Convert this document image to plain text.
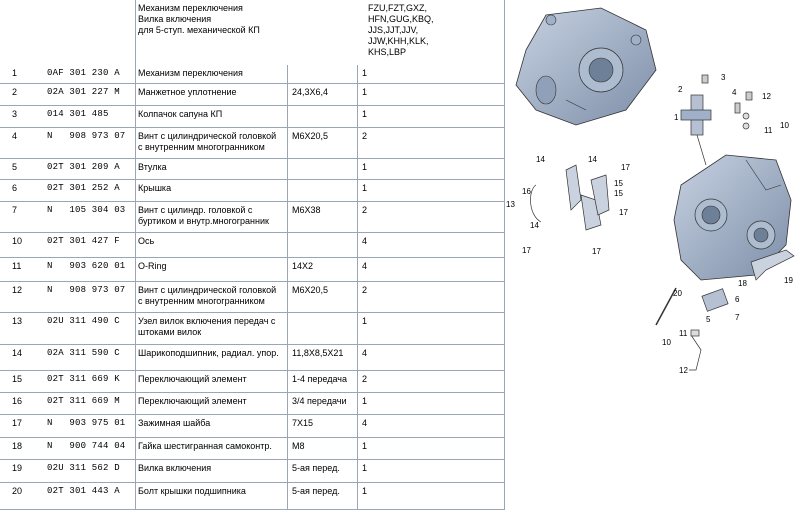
Механизм переключения
Вилка включения
для 5-ступ. механической КП
FZU,FZT,GXZ,
HFN,GUG,KBQ,
JJS,JJT,JJV,
JJW,KHH,KLK,
KHS,LBP
1	0AF 301 230 A Механизм переключения	1
2	02A 301 227 M Манжетное уплотнение	24,3X6,4	1
3	014 301 485	Колпачок сапуна КП	1
4	N   908 973 07 Винт с цилиндрической головкой
с внутренним многогранником
M6X20,5	2
5	02T 301 209 A Втулка	1
6	02T 301 252 A Крышка	1
7	N   105 304 03 Винт с цилиндр. головкой с
буртиком и внутр.многогранник
M6X38	2
10	02T 301 427 F Ось	4
11	N   903 620 01 O-Ring	14X2	4
12	N   908 973 07 Винт с цилиндрической головкой
с внутренним многогранником
M6X20,5	2
13	02U 311 490 C Узел вилок включения передач с
штоками вилок
1
14	02A 311 590 C Шарикоподшипник, радиал. упор.	11,8X8,5X21 4
15	02T 311 669 K Переключающий элемент	1-4 передача 2
16	02T 311 669 M Переключающий элемент	3/4 передачи 1
17	N   903 975 01 Зажимная шайба	7X15	4
18	N   900 744 04 Гайка шестигранная самоконтр.	M8	1
19	02U 311 562 D Вилка включения	5-ая перед. 1
20	02T 301 443 A Болт крышки подшипника	5-ая перед. 1
3
2	4	12
10
11
1
14	14
17
15
15
16
13
14
17
17	17
19
18
20
6
7
5
11
10
12
